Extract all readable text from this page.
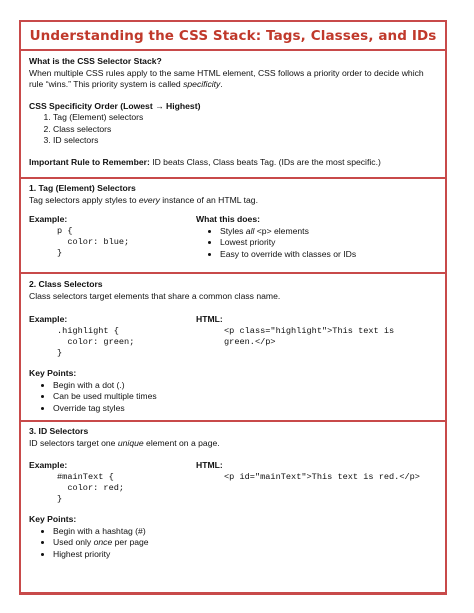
Understanding the CSS Stack: Tags, Classes, and IDs
What is the CSS Selector Stack?
When multiple CSS rules apply to the same HTML element, CSS follows a priority order to decide which rule “wins.” This priority system is called specificity.
CSS Specificity Order (Lowest → Highest)
1. Tag (Element) selectors
2. Class selectors
3. ID selectors
Important Rule to Remember: ID beats Class, Class beats Tag. (IDs are the most specific.)
1. Tag (Element) Selectors
Tag selectors apply styles to every instance of an HTML tag.
Example:
p {
color: blue;
}
What this does:
• Styles all <p> elements
• Lowest priority
• Easy to override with classes or IDs
2. Class Selectors
Class selectors target elements that share a common class name.
Example:
.highlight {
color: green;
}
HTML:
<p class="highlight">This text is
green.</p>
Key Points:
• Begin with a dot (.)
• Can be used multiple times
• Override tag styles
3. ID Selectors
ID selectors target one unique element on a page.
Example:
#mainText {
color: red;
}
HTML:
<p id="mainText">This text is red.</p>
Key Points:
• Begin with a hashtag (#)
• Used only once per page
• Highest priority
